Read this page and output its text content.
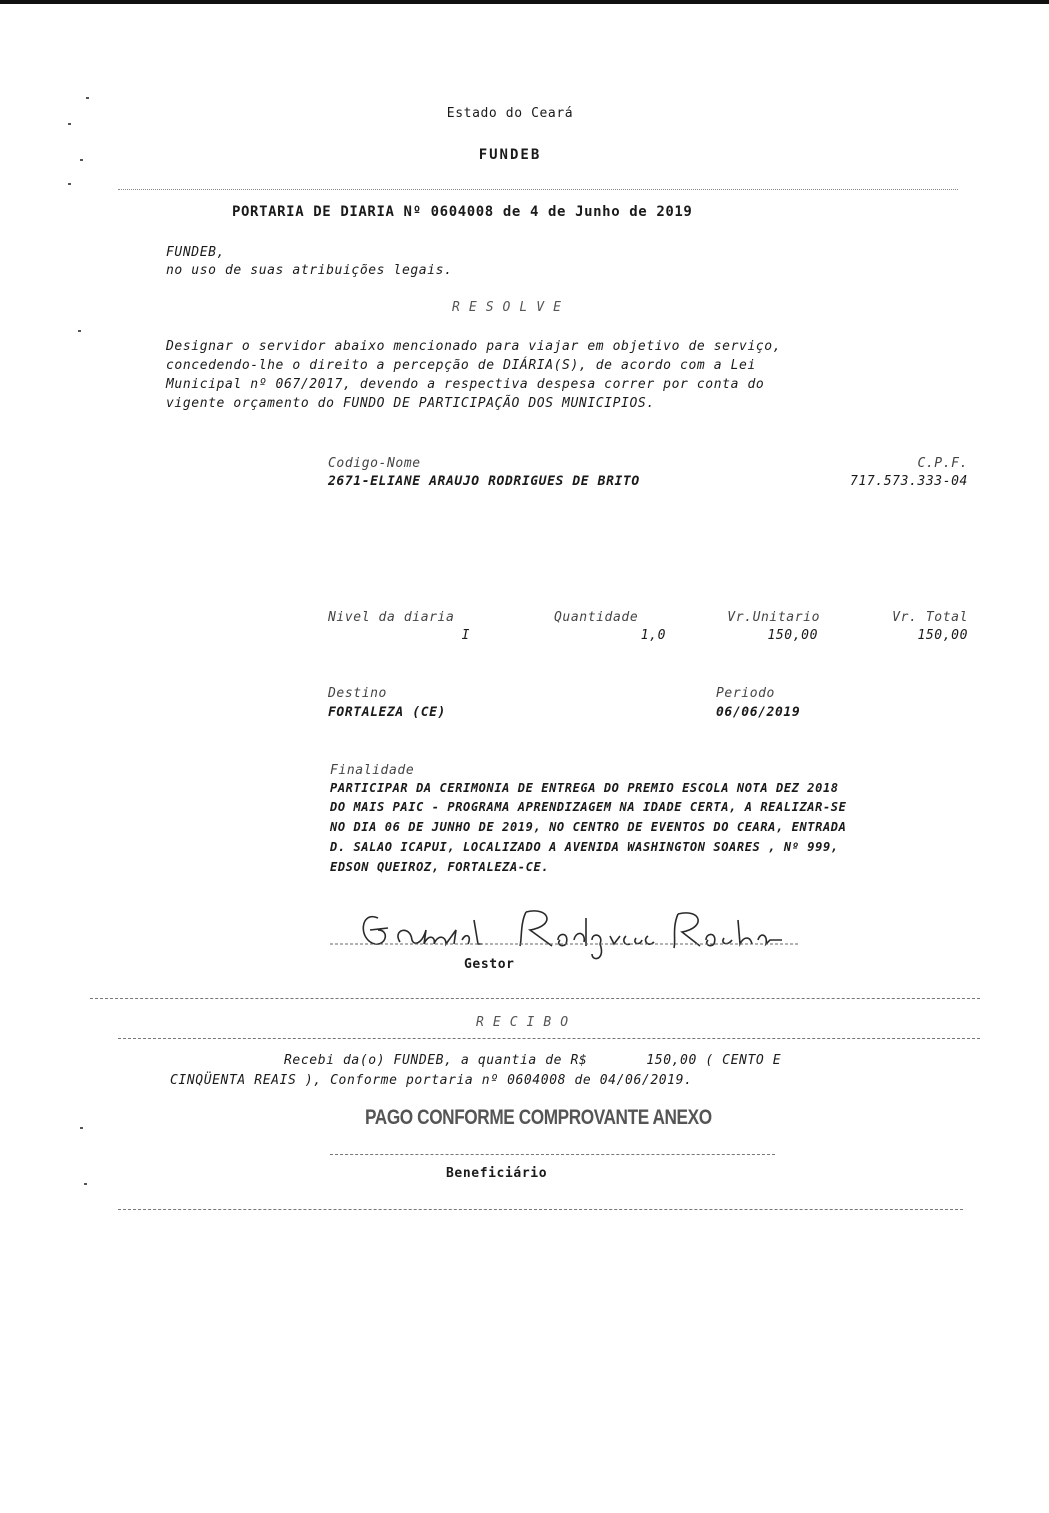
Estado do Ceará
FUNDEB
PORTARIA DE DIARIA Nº 0604008 de 4 de Junho de 2019
FUNDEB,
no uso de suas atribuições legais.
R E S O L V E
Designar o servidor abaixo mencionado para viajar em objetivo de serviço,
concedendo-lhe o direito a percepção de DIÁRIA(S), de acordo com a Lei
Municipal nº 067/2017, devendo a respectiva despesa correr por conta do
vigente orçamento do FUNDO DE PARTICIPAÇÃO DOS MUNICIPIOS.
Codigo-Nome
2671-ELIANE ARAUJO RODRIGUES DE BRITO
C.P.F.
717.573.333-04
Nivel da diaria
I
Quantidade
1,0
Vr.Unitario
150,00
Vr. Total
150,00
Destino
FORTALEZA (CE)
Periodo
06/06/2019
Finalidade
PARTICIPAR DA CERIMONIA DE ENTREGA DO PREMIO ESCOLA NOTA DEZ 2018
DO MAIS PAIC - PROGRAMA APRENDIZAGEM NA IDADE CERTA, A REALIZAR-SE
NO DIA 06 DE JUNHO DE 2019, NO CENTRO DE EVENTOS DO CEARA, ENTRADA
D. SALAO ICAPUI, LOCALIZADO A AVENIDA WASHINGTON SOARES , Nº 999,
EDSON QUEIROZ, FORTALEZA-CE.
Gestor
R E C I B O
Recebi da(o) FUNDEB, a quantia de R$       150,00 ( CENTO E
CINQÜENTA REAIS ), Conforme portaria nº 0604008 de 04/06/2019.
PAGO CONFORME COMPROVANTE ANEXO
Beneficiário
